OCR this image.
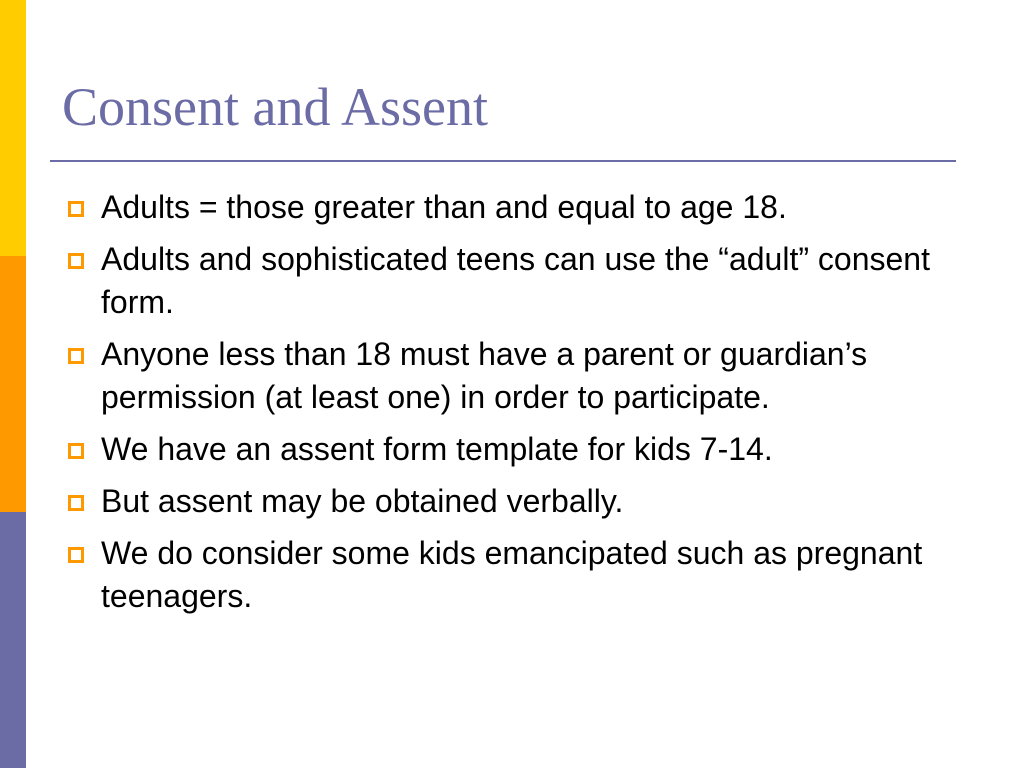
Consent and Assent
Adults = those greater than and equal to age 18.
Adults and sophisticated teens can use the “adult” consent form.
Anyone less than 18 must have a parent or guardian’s permission (at least one) in order to participate.
We have an assent form template for kids 7-14.
But assent may be obtained verbally.
We do consider some kids emancipated such as pregnant teenagers.
